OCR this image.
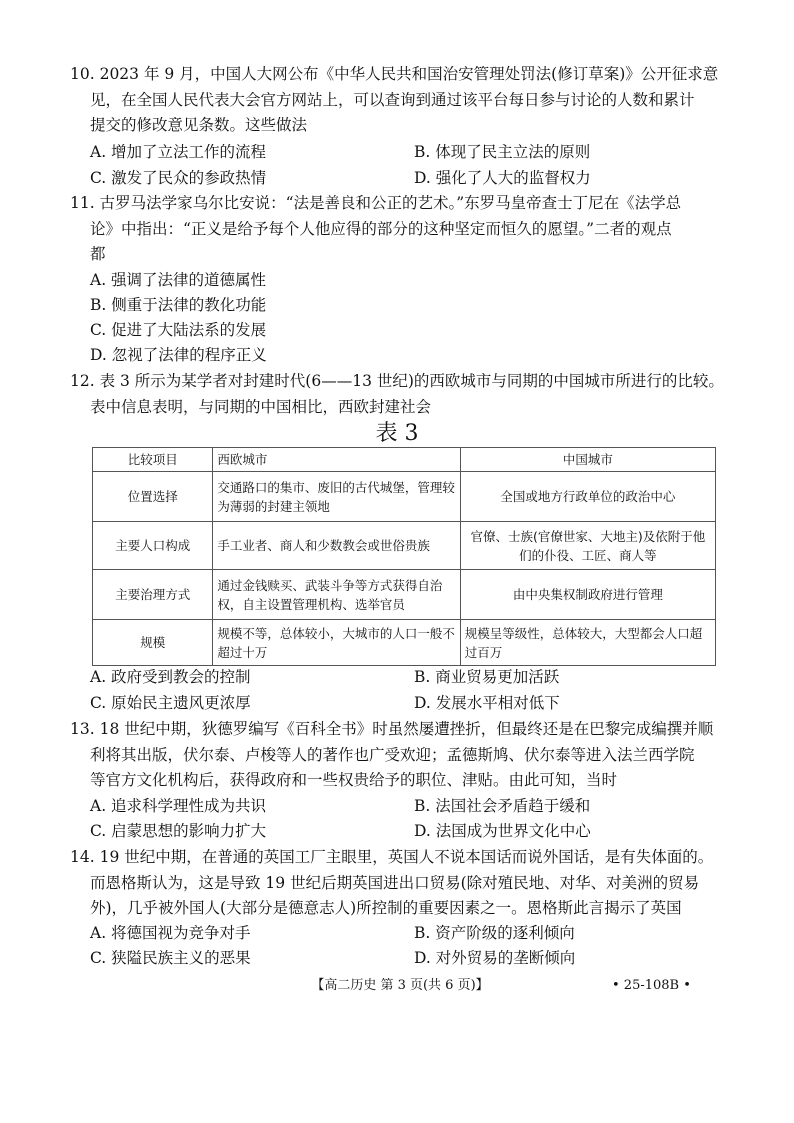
10. 2023 年 9 月，中国人大网公布《中华人民共和国治安管理处罚法(修订草案)》公开征求意
见，在全国人民代表大会官方网站上，可以查询到通过该平台每日参与讨论的人数和累计
提交的修改意见条数。这些做法
A. 增加了立法工作的流程	B. 体现了民主立法的原则
C. 激发了民众的参政热情	D. 强化了人大的监督权力
11. 古罗马法学家乌尔比安说：“法是善良和公正的艺术。”东罗马皇帝查士丁尼在《法学总
论》中指出：“正义是给予每个人他应得的部分的这种坚定而恒久的愿望。”二者的观点
都
A. 强调了法律的道德属性
B. 侧重于法律的教化功能
C. 促进了大陆法系的发展
D. 忽视了法律的程序正义
12. 表 3 所示为某学者对封建时代(6——13 世纪)的西欧城市与同期的中国城市所进行的比较。
表中信息表明，与同期的中国相比，西欧封建社会
表 3
比较项目	西欧城市	中国城市
位置选择	交通路口的集市、废旧的古代城堡，管理较为薄弱的封建主领地	全国或地方行政单位的政治中心
主要人口构成	手工业者、商人和少数教会或世俗贵族	官僚、士族(官僚世家、大地主)及依附于他们的仆役、工匠、商人等
主要治理方式	通过金钱赎买、武装斗争等方式获得自治权，自主设置管理机构、选举官员	由中央集权制政府进行管理
规模	规模不等，总体较小，大城市的人口一般不超过十万	规模呈等级性，总体较大，大型都会人口超过百万
A. 政府受到教会的控制	B. 商业贸易更加活跃
C. 原始民主遗风更浓厚	D. 发展水平相对低下
13. 18 世纪中期，狄德罗编写《百科全书》时虽然屡遭挫折，但最终还是在巴黎完成编撰并顺
利将其出版，伏尔泰、卢梭等人的著作也广受欢迎；孟德斯鸠、伏尔泰等进入法兰西学院
等官方文化机构后，获得政府和一些权贵给予的职位、津贴。由此可知，当时
A. 追求科学理性成为共识	B. 法国社会矛盾趋于缓和
C. 启蒙思想的影响力扩大	D. 法国成为世界文化中心
14. 19 世纪中期，在普通的英国工厂主眼里，英国人不说本国话而说外国话，是有失体面的。
而恩格斯认为，这是导致 19 世纪后期英国进出口贸易(除对殖民地、对华、对美洲的贸易
外)，几乎被外国人(大部分是德意志人)所控制的重要因素之一。恩格斯此言揭示了英国
A. 将德国视为竞争对手	B. 资产阶级的逐利倾向
C. 狭隘民族主义的恶果	D. 对外贸易的垄断倾向
【高二历史 第 3 页(共 6 页)】	• 25-108B •
